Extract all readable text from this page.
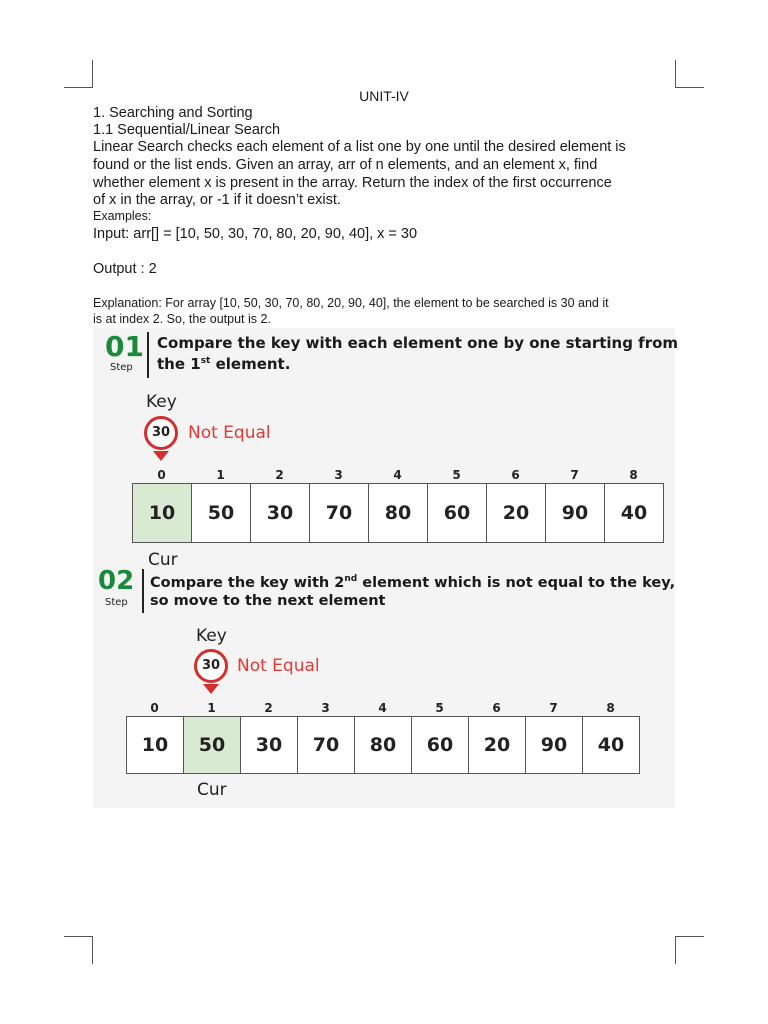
UNIT-IV
1. Searching and Sorting
1.1 Sequential/Linear Search
Linear Search checks each element of a list one by one until the desired element is
found or the list ends. Given an array, arr of n elements, and an element x, find
whether element x is present in the array. Return the index of the first occurrence
of x in the array, or -1 if it doesn’t exist.
Examples:
Input: arr[] = [10, 50, 30, 70, 80, 20, 90, 40], x = 30
Output : 2
Explanation: For array [10, 50, 30, 70, 80, 20, 90, 40], the element to be searched is 30 and it
is at index 2. So, the output is 2.
01
Step
Compare the key with each element one by one starting from
the 1st element.
Key
30	Not Equal
0	1	2	3	4	5	6	7	8
10	50	30	70	80	60	20	90	40
Cur
02
Step
Compare the key with 2nd element which is not equal to the key,
so move to the next element
Key
30 Not Equal
0	1	2	3	4	5	6	7	8
10	50	30	70	80	60	20	90	40
Cur
